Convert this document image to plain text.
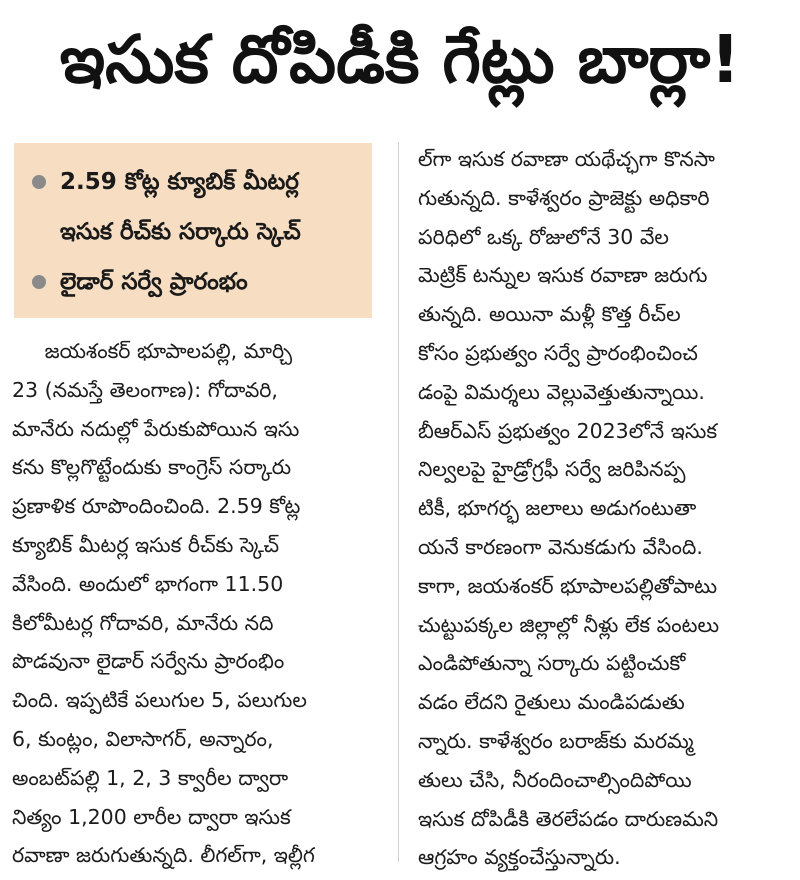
ఇసుక దోపిడీకి గేట్లు బార్లా!
2.59 కోట్ల క్యూబిక్ మీటర్ల
ఇసుక రీచ్‌కు సర్కారు స్కెచ్
లైడార్ సర్వే ప్రారంభం
జయశంకర్ భూపాలపల్లి, మార్చి
23 (నమస్తే తెలంగాణ): గోదావరి,
మానేరు నదుల్లో పేరుకుపోయిన ఇసు
కను కొల్లగొట్టేందుకు కాంగ్రెస్ సర్కారు
ప్రణాళిక రూపొందించింది. 2.59 కోట్ల
క్యూబిక్ మీటర్ల ఇసుక రీచ్‌కు స్కెచ్
వేసింది. అందులో భాగంగా 11.50
కిలోమీటర్ల గోదావరి, మానేరు నది
పొడవునా లైడార్ సర్వేను ప్రారంభిం
చింది. ఇప్పటికే పలుగుల 5, పలుగుల
6, కుంట్లం, విలాసాగర్, అన్నారం,
అంబట్‌పల్లి 1, 2, 3 క్వారీల ద్వారా
నిత్యం 1,200 లారీల ద్వారా ఇసుక
రవాణా జరుగుతున్నది. లీగల్‌గా, ఇల్లీగ
ల్‌గా ఇసుక రవాణా యథేచ్ఛగా కొనసా
గుతున్నది. కాళేశ్వరం ప్రాజెక్టు అధికారి
పరిధిలో ఒక్క రోజులోనే 30 వేల
మెట్రిక్ టన్నుల ఇసుక రవాణా జరుగు
తున్నది. అయినా మళ్లీ కొత్త రీచ్‌ల
కోసం ప్రభుత్వం సర్వే ప్రారంభించించ
డంపై విమర్శలు వెల్లువెత్తుతున్నాయి.
బీఆర్‌ఎస్ ప్రభుత్వం 2023లోనే ఇసుక
నిల్వలపై హైడ్రోగ్రఫీ సర్వే జరిపినప్ప
టికీ, భూగర్భ జలాలు అడుగంటుతా
యనే కారణంగా వెనుకడుగు వేసింది.
కాగా, జయశంకర్ భూపాలపల్లితోపాటు
చుట్టుపక్కల జిల్లాల్లో నీళ్లు లేక పంటలు
ఎండిపోతున్నా సర్కారు పట్టించుకో
వడం లేదని రైతులు మండిపడుతు
న్నారు. కాళేశ్వరం బరాజ్‌కు మరమ్మ
తులు చేసి, నీరందించాల్సిందిపోయి
ఇసుక దోపిడీకి తెరలేపడం దారుణమని
ఆగ్రహం వ్యక్తంచేస్తున్నారు.
